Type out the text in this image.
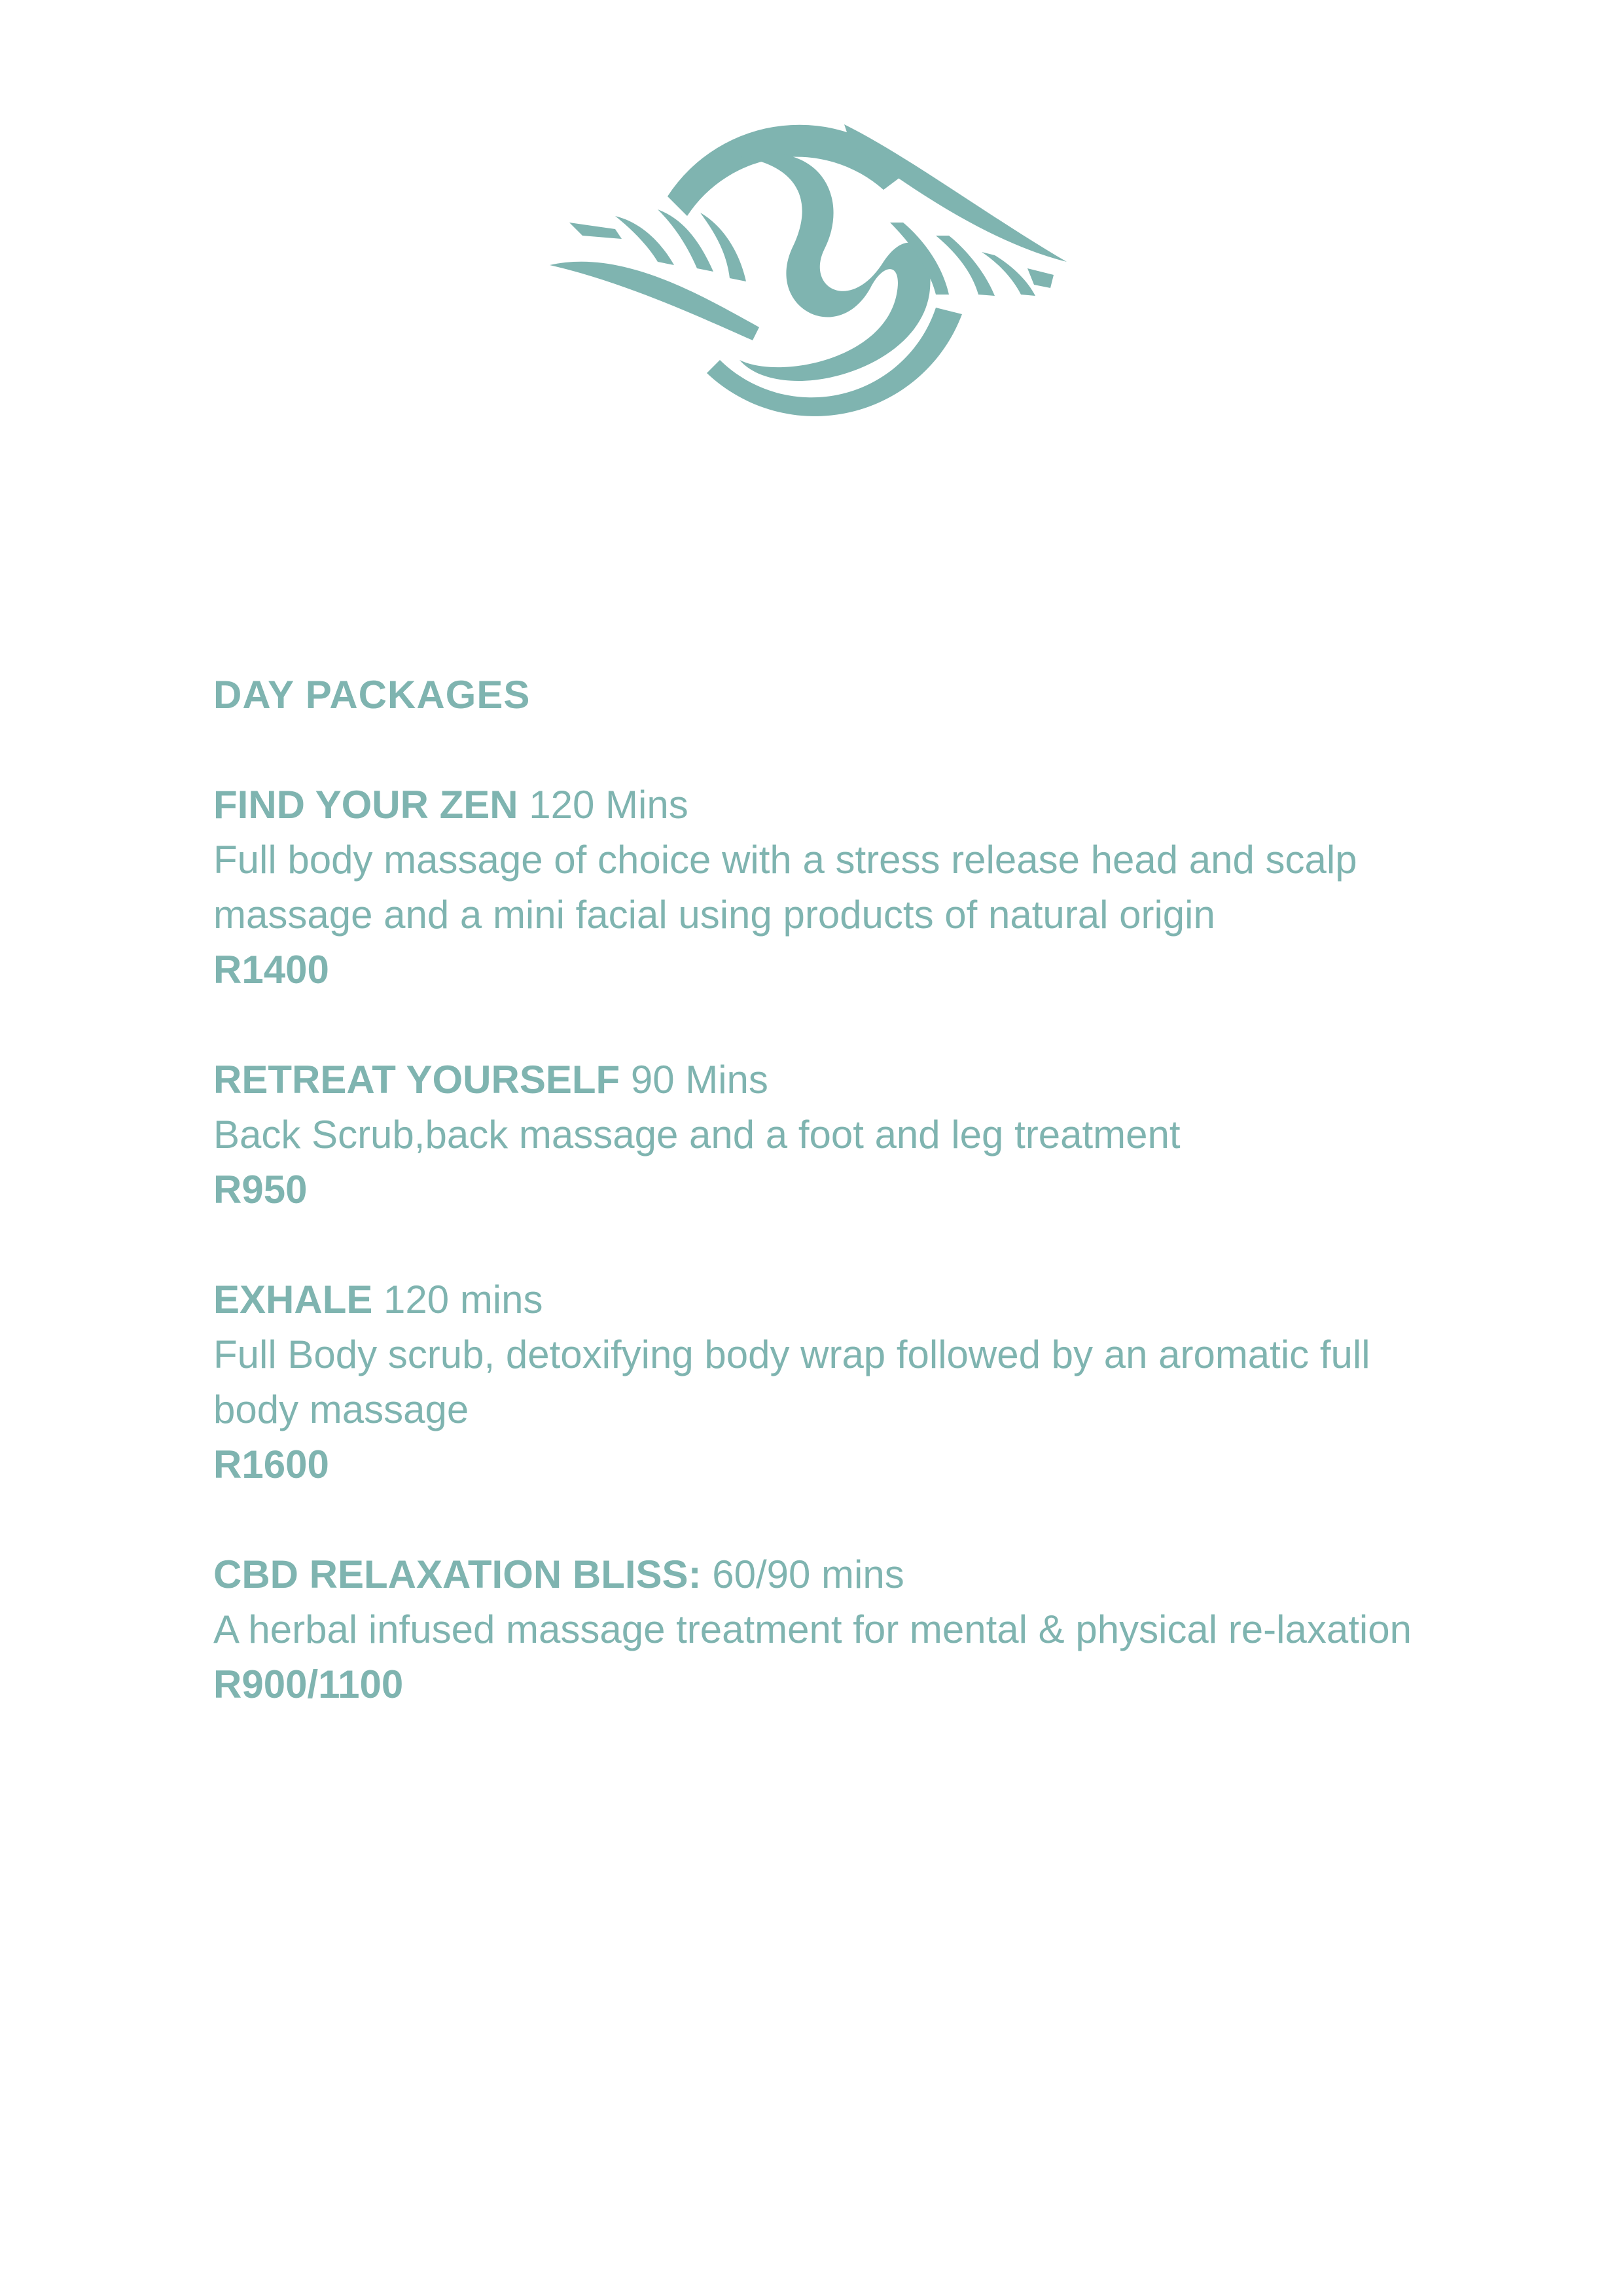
DAY PACKAGES
FIND YOUR ZEN 120 Mins
Full body massage of choice with a stress release head and scalp massage and a mini facial using products of natural origin
R1400
RETREAT YOURSELF 90 Mins
Back Scrub,back massage and a foot and leg treatment
R950
EXHALE 120 mins
Full Body scrub, detoxifying body wrap followed by an aromatic full body massage
R1600
CBD RELAXATION BLISS: 60/90 mins
A herbal infused massage treatment for mental & physical re-laxation
R900/1100
